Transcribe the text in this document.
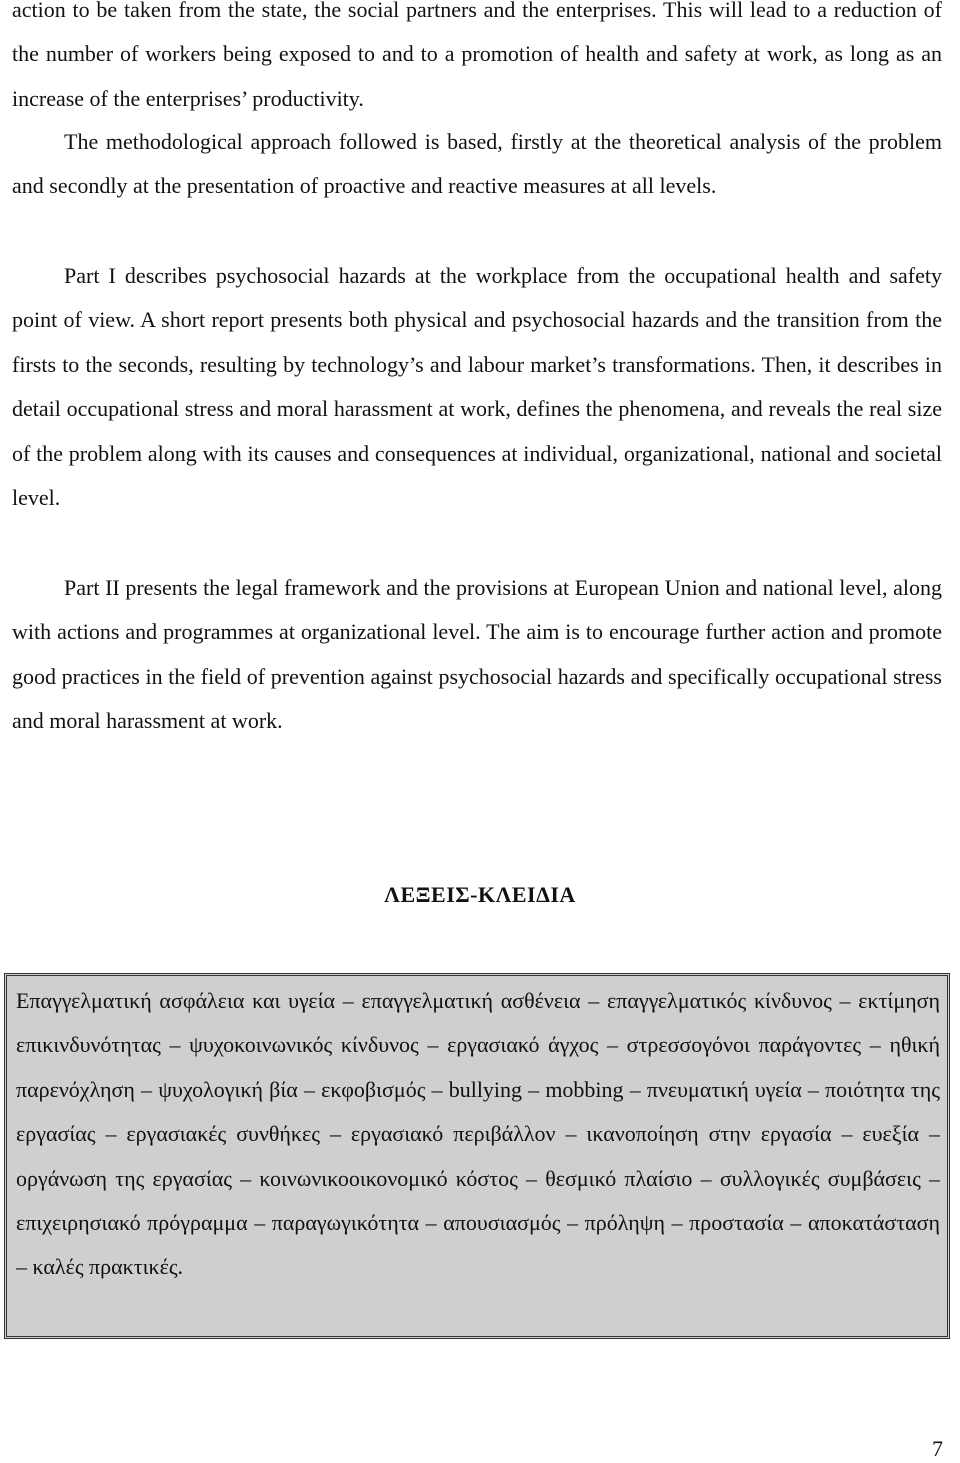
action to be taken from the state, the social partners and the enterprises. This will lead to a reduction of the number of workers being exposed to and to a promotion of health and safety at work, as long as an increase of the enterprises’ productivity.

The methodological approach followed is based, firstly at the theoretical analysis of the problem and secondly at the presentation of proactive and reactive measures at all levels.

Part I describes psychosocial hazards at the workplace from the occupational health and safety point of view. A short report presents both physical and psychosocial hazards and the transition from the firsts to the seconds, resulting by technology’s and labour market’s transformations. Then, it describes in detail occupational stress and moral harassment at work, defines the phenomena, and reveals the real size of the problem along with its causes and consequences at individual, organizational, national and societal level.

Part II presents the legal framework and the provisions at European Union and national level, along with actions and programmes at organizational level. The aim is to encourage further action and promote good practices in the field of prevention against psychosocial hazards and specifically occupational stress and moral harassment at work.

ΛΕΞΕΙΣ-ΚΛΕΙΔΙΑ

Επαγγελματική ασφάλεια και υγεία – επαγγελματική ασθένεια – επαγγελματικός κίνδυνος – εκτίμηση επικινδυνότητας – ψυχοκοινωνικός κίνδυνος – εργασιακό άγχος – στρεσσογόνοι παράγοντες – ηθική παρενόχληση – ψυχολογική βία – εκφοβισμός – bullying – mobbing – πνευματική υγεία – ποιότητα της εργασίας – εργασιακές συνθήκες – εργασιακό περιβάλλον – ικανοποίηση στην εργασία – ευεξία – οργάνωση της εργασίας – κοινωνικοοικονομικό κόστος – θεσμικό πλαίσιο – συλλογικές συμβάσεις – επιχειρησιακό πρόγραμμα – παραγωγικότητα – απουσιασμός – πρόληψη – προστασία – αποκατάσταση – καλές πρακτικές.

7
